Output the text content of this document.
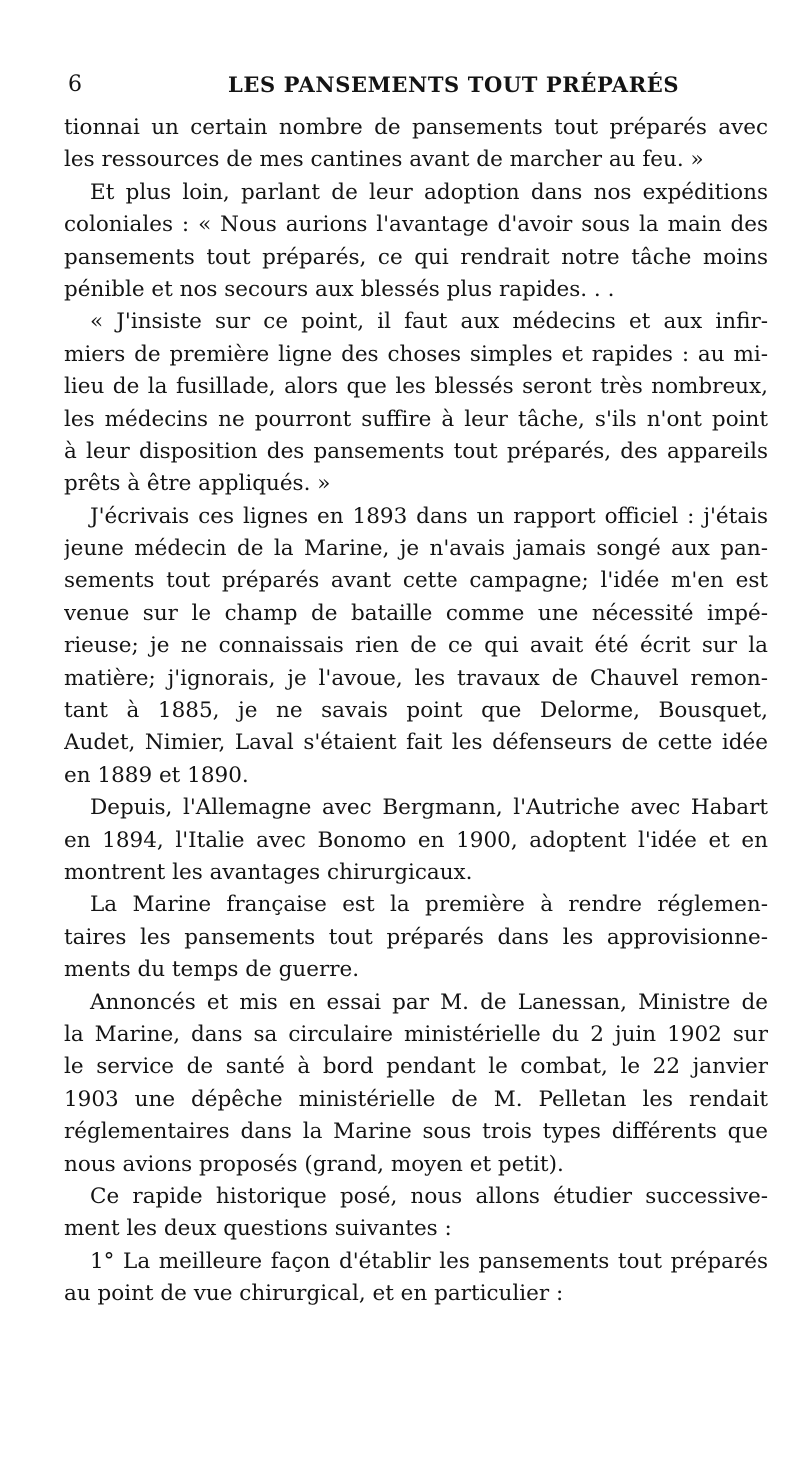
6	LES PANSEMENTS TOUT PRÉPARÉS
tionnai un certain nombre de pansements tout préparés avec
les ressources de mes cantines avant de marcher au feu. »
Et plus loin, parlant de leur adoption dans nos expéditions
coloniales : « Nous aurions l'avantage d'avoir sous la main des
pansements tout préparés, ce qui rendrait notre tâche moins
pénible et nos secours aux blessés plus rapides. . .
« J'insiste sur ce point, il faut aux médecins et aux infir-
miers de première ligne des choses simples et rapides : au mi-
lieu de la fusillade, alors que les blessés seront très nombreux,
les médecins ne pourront suffire à leur tâche, s'ils n'ont point
à leur disposition des pansements tout préparés, des appareils
prêts à être appliqués. »
J'écrivais ces lignes en 1893 dans un rapport officiel : j'étais
jeune médecin de la Marine, je n'avais jamais songé aux pan-
sements tout préparés avant cette campagne; l'idée m'en est
venue sur le champ de bataille comme une nécessité impé-
rieuse; je ne connaissais rien de ce qui avait été écrit sur la
matière; j'ignorais, je l'avoue, les travaux de Chauvel remon-
tant à 1885, je ne savais point que Delorme, Bousquet,
Audet, Nimier, Laval s'étaient fait les défenseurs de cette idée
en 1889 et 1890.
Depuis, l'Allemagne avec Bergmann, l'Autriche avec Habart
en 1894, l'Italie avec Bonomo en 1900, adoptent l'idée et en
montrent les avantages chirurgicaux.
La Marine française est la première à rendre réglemen-
taires les pansements tout préparés dans les approvisionne-
ments du temps de guerre.
Annoncés et mis en essai par M. de Lanessan, Ministre de
la Marine, dans sa circulaire ministérielle du 2 juin 1902 sur
le service de santé à bord pendant le combat, le 22 janvier
1903 une dépêche ministérielle de M. Pelletan les rendait
réglementaires dans la Marine sous trois types différents que
nous avions proposés (grand, moyen et petit).
Ce rapide historique posé, nous allons étudier successive-
ment les deux questions suivantes :
1° La meilleure façon d'établir les pansements tout préparés
au point de vue chirurgical, et en particulier :
